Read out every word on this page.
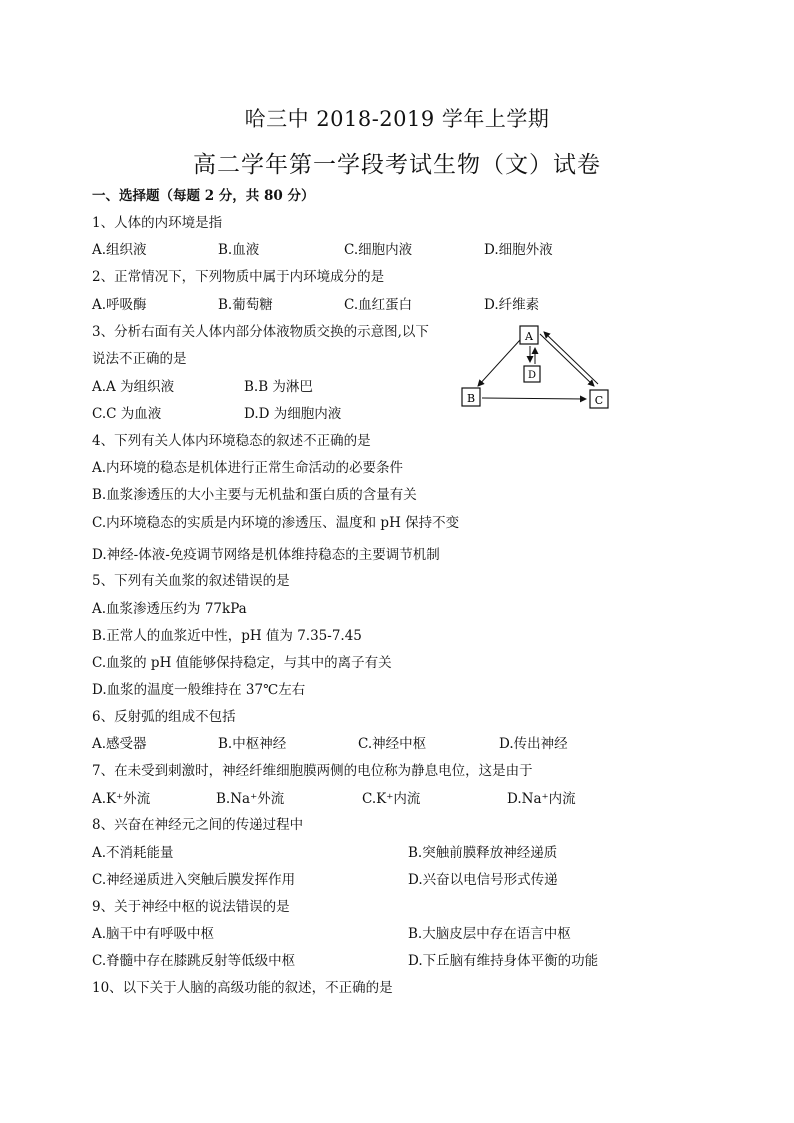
哈三中 2018-2019 学年上学期
高二学年第一学段考试生物（文）试卷
一、选择题（每题 2 分，共 80 分）
1、人体的内环境是指
A.组织液	B.血液	C.细胞内液	D.细胞外液
2、正常情况下，下列物质中属于内环境成分的是
A.呼吸酶	B.葡萄糖	C.血红蛋白	D.纤维素
3、分析右面有关人体内部分体液物质交换的示意图,以下
说法不正确的是
A.A 为组织液	B.B 为淋巴
C.C 为血液	D.D 为细胞内液
A
B	C
D
4、下列有关人体内环境稳态的叙述不正确的是
A.内环境的稳态是机体进行正常生命活动的必要条件
B.血浆渗透压的大小主要与无机盐和蛋白质的含量有关
C.内环境稳态的实质是内环境的渗透压、温度和 pH 保持不变
D.神经-体液-免疫调节网络是机体维持稳态的主要调节机制
5、下列有关血浆的叙述错误的是
A.血浆渗透压约为 77kPa
B.正常人的血浆近中性，pH 值为 7.35-7.45
C.血浆的 pH 值能够保持稳定，与其中的离子有关
D.血浆的温度一般维持在 37℃左右
6、反射弧的组成不包括
A.感受器	B.中枢神经	C.神经中枢	D.传出神经
7、在未受到刺激时，神经纤维细胞膜两侧的电位称为静息电位，这是由于
A.K⁺外流	B.Na⁺外流	C.K⁺内流	D.Na⁺内流
8、兴奋在神经元之间的传递过程中
A.不消耗能量	B.突触前膜释放神经递质
C.神经递质进入突触后膜发挥作用	D.兴奋以电信号形式传递
9、关于神经中枢的说法错误的是
A.脑干中有呼吸中枢	B.大脑皮层中存在语言中枢
C.脊髓中存在膝跳反射等低级中枢	D.下丘脑有维持身体平衡的功能
10、以下关于人脑的高级功能的叙述，不正确的是
